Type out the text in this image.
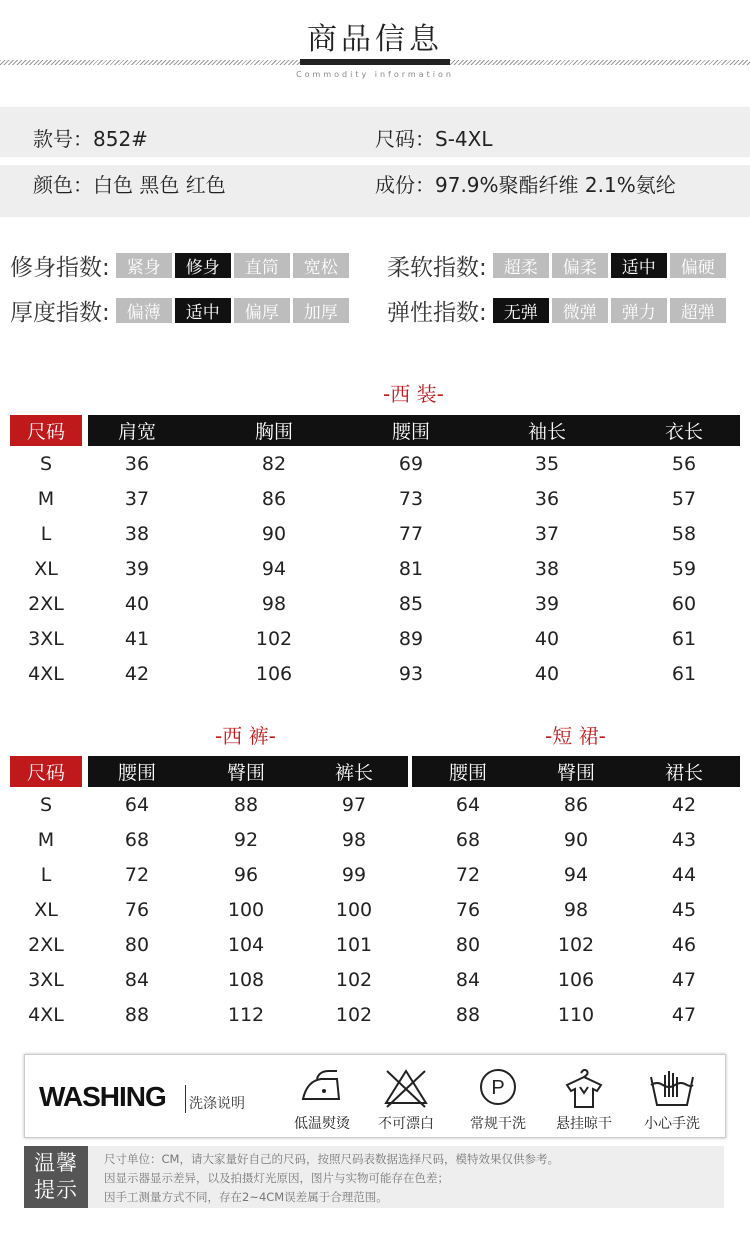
商品信息
Commodity information
款号：852#	尺码：S-4XL
颜色：白色 黑色 红色	成份：97.9%聚酯纤维 2.1%氨纶
修身指数:	紧身	修身	直筒	宽松	柔软指数:	超柔	偏柔	适中	偏硬
厚度指数:	偏薄	适中	偏厚	加厚	弹性指数:	无弹	微弹	弹力	超弹
-西 装-
尺码	肩宽	胸围	腰围	袖长	衣长
S	36	82	69	35	56
M	37	86	73	36	57
L	38	90	77	37	58
XL	39	94	81	38	59
2XL	40	98	85	39	60
3XL	41	102	89	40	61
4XL	42	106	93	40	61
-西 裤-	-短 裙-
尺码	腰围	臀围	裤长
S	64	88	97
M	68	92	98
L	72	96	99
XL	76	100	100
2XL	80	104	101
3XL	84	108	102
4XL	88	112	102
腰围	臀围	裙长
64	86	42
68	90	43
72	94	44
76	98	45
80	102	46
84	106	47
88	110	47
WASHING 洗涤说明
低温熨烫	不可漂白
P
常规干洗	悬挂晾干	小心手洗
温馨
提示
尺寸单位：CM，请大家量好自己的尺码，按照尺码表数据选择尺码，模特效果仅供参考。
因显示器显示差异，以及拍摄灯光原因，图片与实物可能存在色差；
因手工测量方式不同，存在2~4CM误差属于合理范围。
